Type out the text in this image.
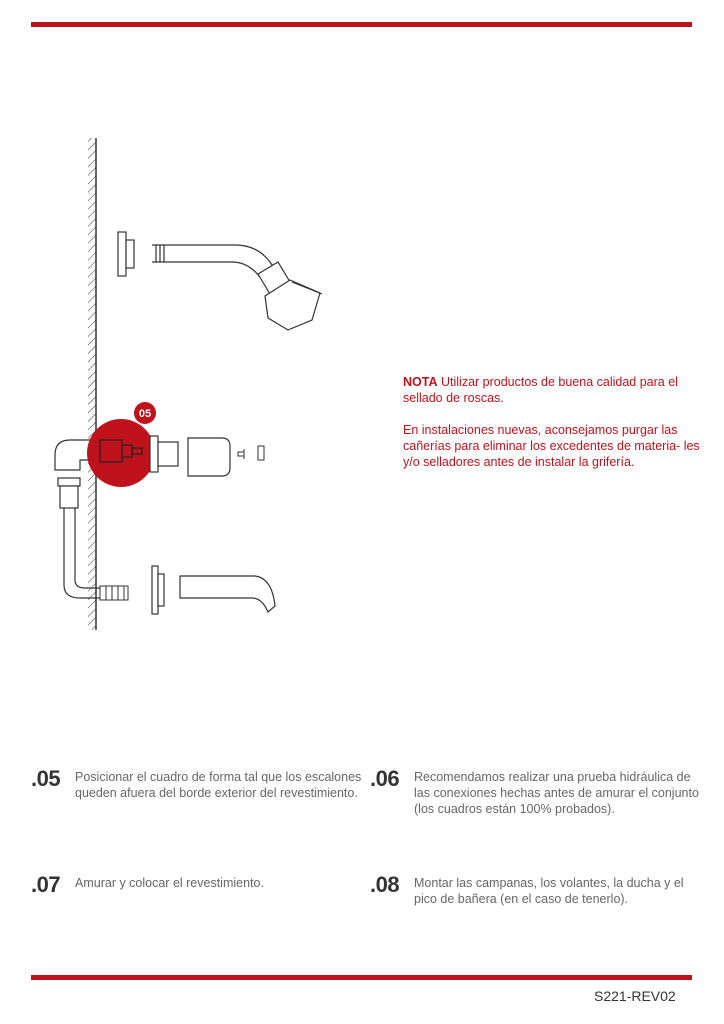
05

NOTA Utilizar productos de buena calidad para el sellado de roscas.

En instalaciones nuevas, aconsejamos purgar las cañerías para eliminar los excedentes de materia- les y/o selladores antes de instalar la grifería.

.05 Posicionar el cuadro de forma tal que los escalones queden afuera del borde exterior del revestimiento.
.06 Recomendamos realizar una prueba hidráulica de las conexiones hechas antes de amurar el conjunto (los cuadros están 100% probados).
.07 Amurar y colocar el revestimiento.	.08 Montar las campanas, los volantes, la ducha y el pico de bañera (en el caso de tenerlo).
S221-REV02
